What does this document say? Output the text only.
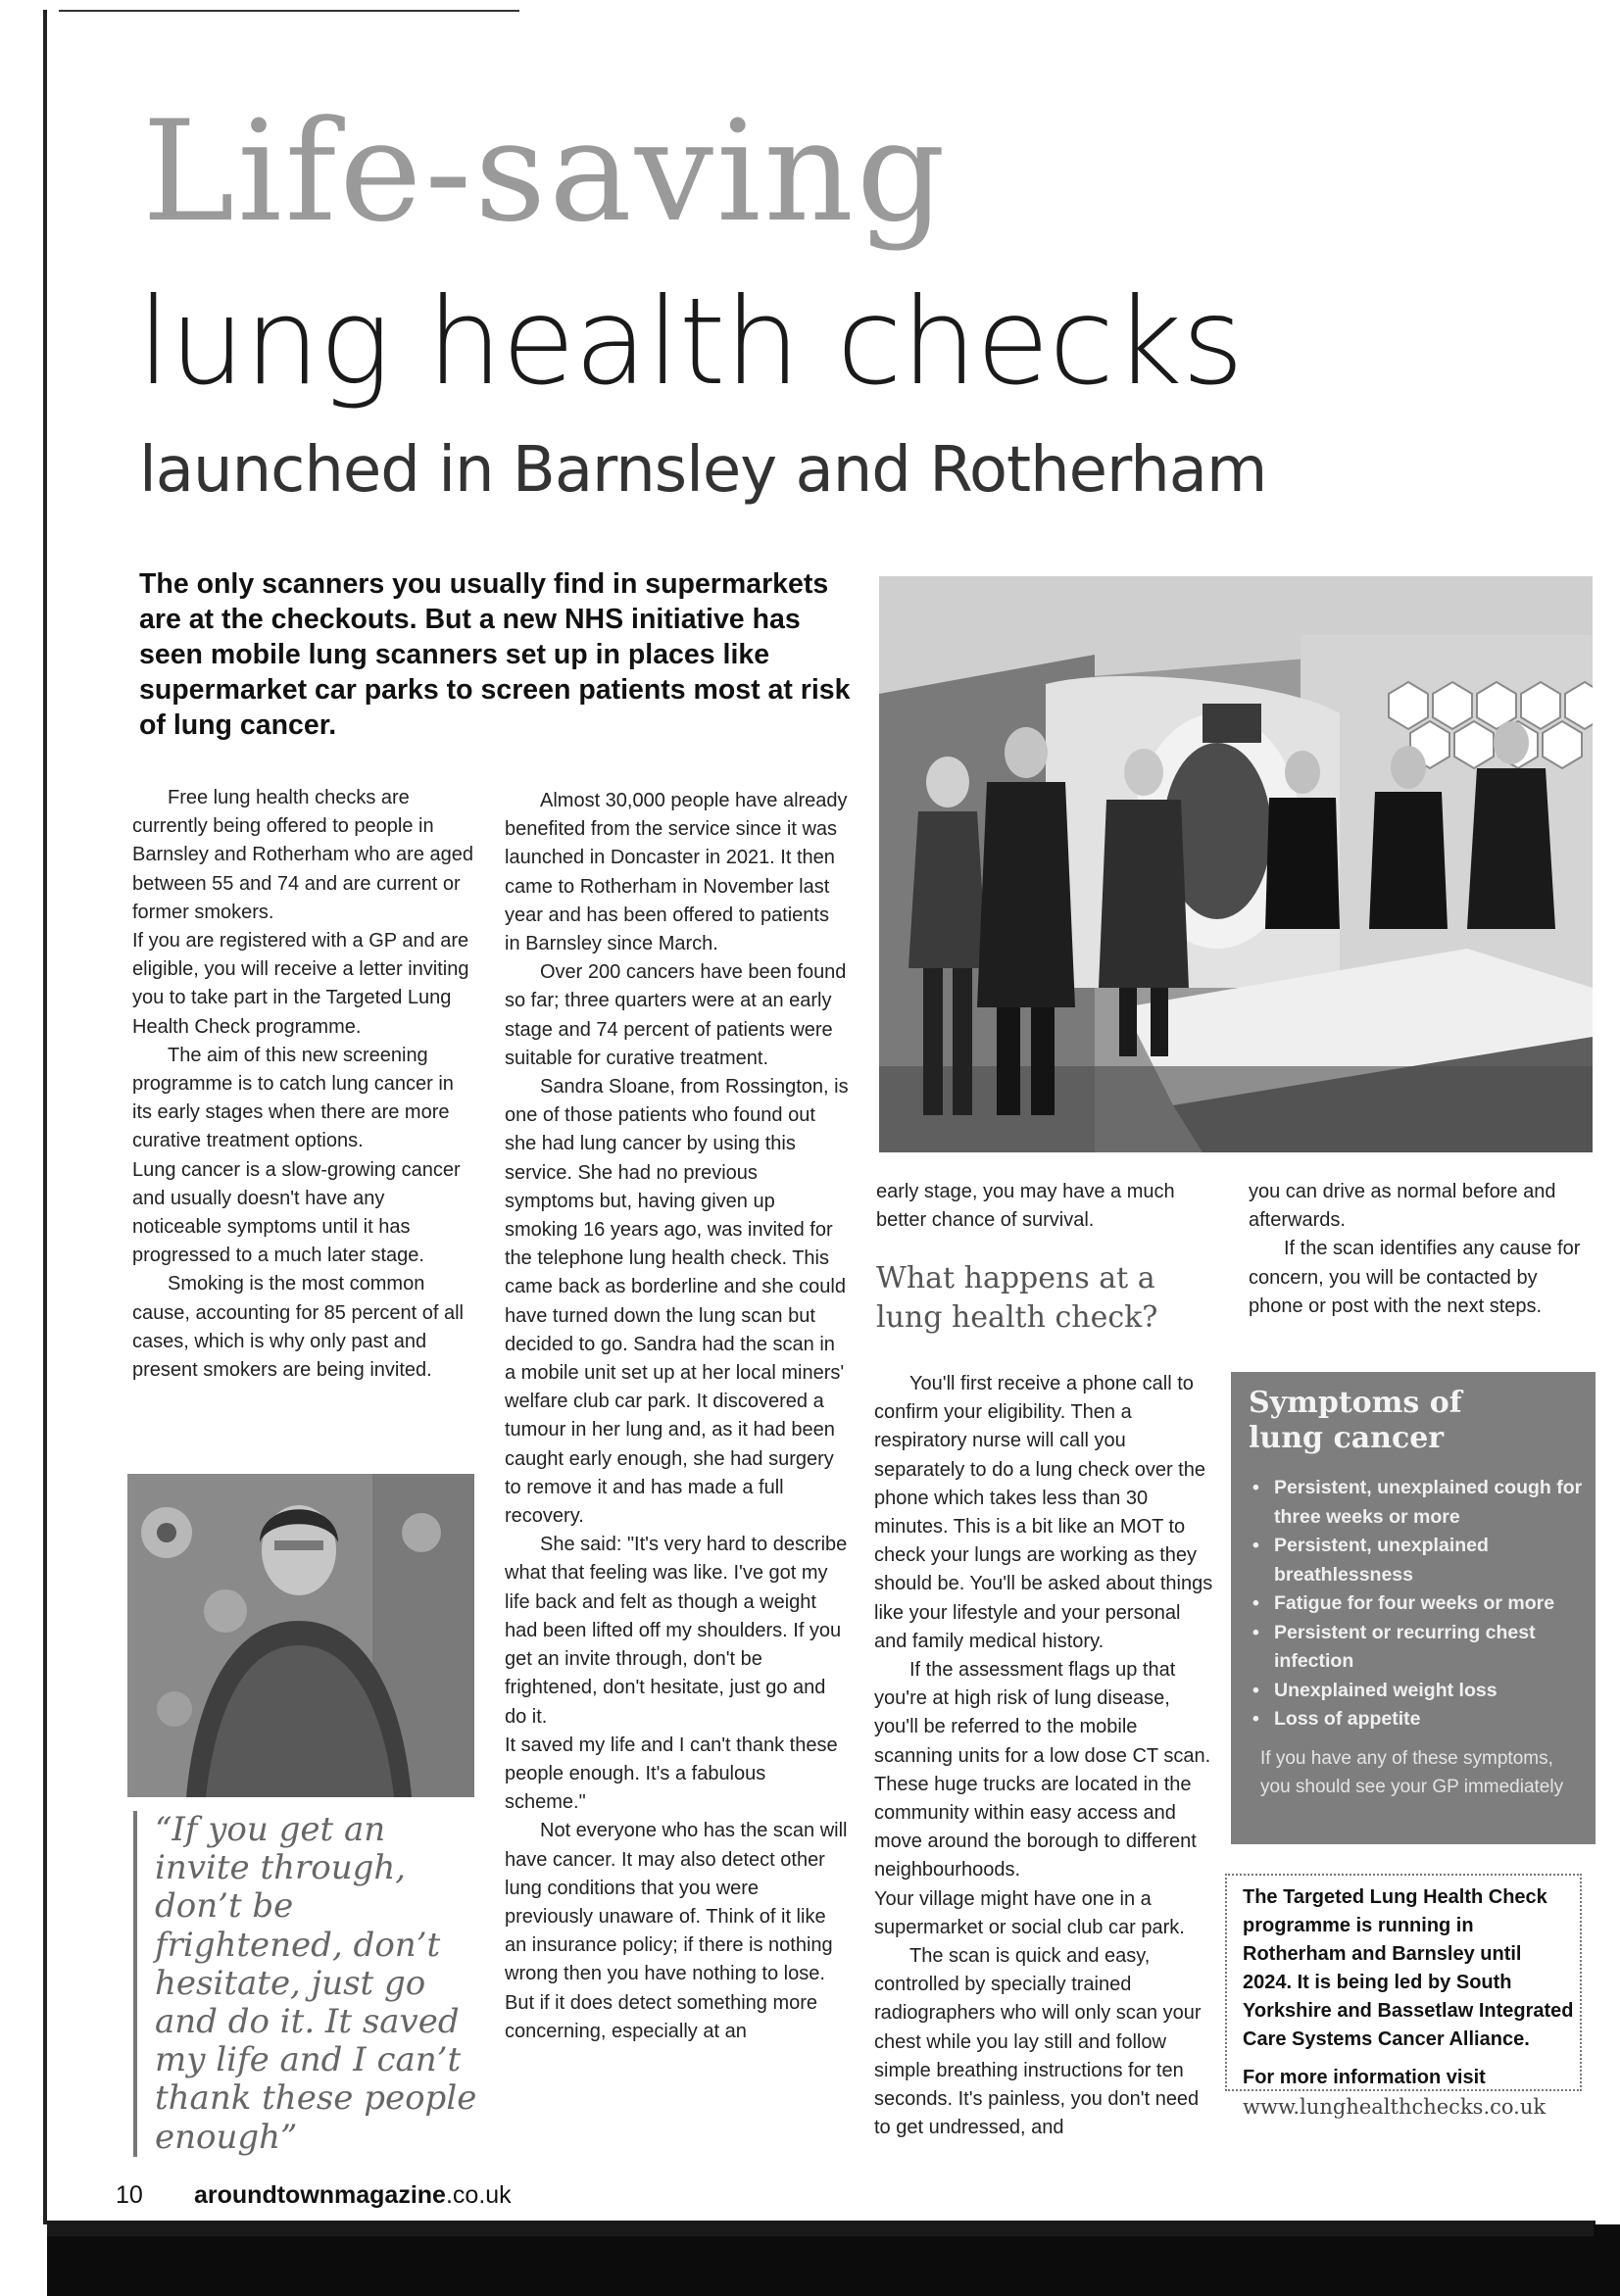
Life-saving
lung health checks
launched in Barnsley and Rotherham
The only scanners you usually find in supermarkets are at the checkouts. But a new NHS initiative has seen mobile lung scanners set up in places like supermarket car parks to screen patients most at risk of lung cancer.

Free lung health checks are currently being offered to people in Barnsley and Rotherham who are aged between 55 and 74 and are current or former smokers.

If you are registered with a GP and are eligible, you will receive a letter inviting you to take part in the Targeted Lung Health Check programme.

The aim of this new screening programme is to catch lung cancer in its early stages when there are more curative treatment options.

Lung cancer is a slow-growing cancer and usually doesn't have any noticeable symptoms until it has progressed to a much later stage.

Smoking is the most common cause, accounting for 85 percent of all cases, which is why only past and present smokers are being invited.

“If you get an invite through, don’t be frightened, don’t hesitate, just go and do it. It saved my life and I can’t thank these people enough”

Almost 30,000 people have already benefited from the service since it was launched in Doncaster in 2021. It then came to Rotherham in November last year and has been offered to patients in Barnsley since March.

Over 200 cancers have been found so far; three quarters were at an early stage and 74 percent of patients were suitable for curative treatment.

Sandra Sloane, from Rossington, is one of those patients who found out she had lung cancer by using this service. She had no previous symptoms but, having given up smoking 16 years ago, was invited for the telephone lung health check. This came back as borderline and she could have turned down the lung scan but decided to go. Sandra had the scan in a mobile unit set up at her local miners' welfare club car park. It discovered a tumour in her lung and, as it had been caught early enough, she had surgery to remove it and has made a full recovery.

She said: "It's very hard to describe what that feeling was like. I've got my life back and felt as though a weight had been lifted off my shoulders. If you get an invite through, don't be frightened, don't hesitate, just go and do it.

It saved my life and I can't thank these people enough. It's a fabulous scheme."

Not everyone who has the scan will have cancer. It may also detect other lung conditions that you were previously unaware of. Think of it like an insurance policy; if there is nothing wrong then you have nothing to lose. But if it does detect something more concerning, especially at an

early stage, you may have a much better chance of survival.

What happens at a lung health check?

You'll first receive a phone call to confirm your eligibility. Then a respiratory nurse will call you separately to do a lung check over the phone which takes less than 30 minutes. This is a bit like an MOT to check your lungs are working as they should be. You'll be asked about things like your lifestyle and your personal and family medical history.

If the assessment flags up that you're at high risk of lung disease, you'll be referred to the mobile scanning units for a low dose CT scan. These huge trucks are located in the community within easy access and move around the borough to different neighbourhoods.

Your village might have one in a supermarket or social club car park.

The scan is quick and easy, controlled by specially trained radiographers who will only scan your chest while you lay still and follow simple breathing instructions for ten seconds. It's painless, you don't need to get undressed, and

you can drive as normal before and afterwards.

If the scan identifies any cause for concern, you will be contacted by phone or post with the next steps.

Symptoms of lung cancer
• Persistent, unexplained cough for three weeks or more
• Persistent, unexplained breathlessness
• Fatigue for four weeks or more
• Persistent or recurring chest infection
• Unexplained weight loss
• Loss of appetite
If you have any of these symptoms, you should see your GP immediately
The Targeted Lung Health Check programme is running in Rotherham and Barnsley until 2024. It is being led by South Yorkshire and Bassetlaw Integrated Care Systems Cancer Alliance.
For more information visit
www.lunghealthchecks.co.uk
10 aroundtownmagazine.co.uk
